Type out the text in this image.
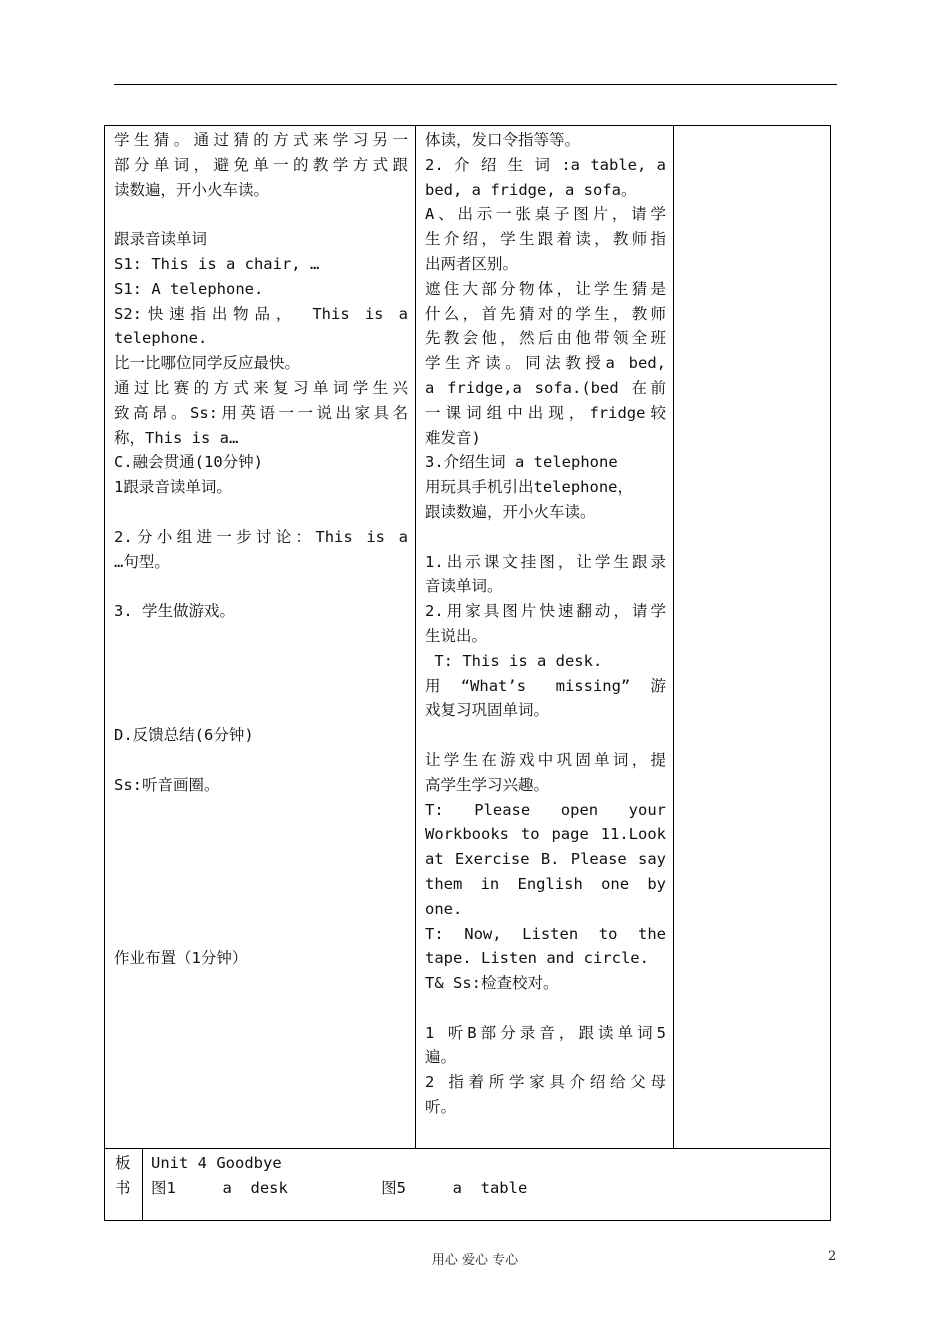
学生猜。通过猜的方式来学习另一
部分单词，避免单一的教学方式跟
读数遍，开小火车读。
跟录音读单词
S1: This is a chair, …
S1: A telephone.
S2:快速指出物品， This is a
telephone.
比一比哪位同学反应最快。
通过比赛的方式来复习单词学生兴
致高昂。Ss:用英语一一说出家具名
称，This is a…
C.融会贯通(10分钟)
1跟录音读单词。
2.分小组进一步讨论：This is a
…句型。
3. 学生做游戏。
D.反馈总结(6分钟)
Ss:听音画圈。
作业布置（1分钟）
体读，发口令指等等。
2. 介 绍 生 词 :a table, a
bed, a fridge, a sofa。
A、出示一张桌子图片，请学
生介绍，学生跟着读，教师指
出两者区别。
遮住大部分物体，让学生猜是
什么，首先猜对的学生，教师
先教会他，然后由他带领全班
学生齐读。同法教授a bed,
a fridge,a sofa.(bed 在前
一课词组中出现，fridge较
难发音)
3.介绍生词 a telephone
用玩具手机引出telephone，
跟读数遍，开小火车读。
1.出示课文挂图，让学生跟录
音读单词。
2.用家具图片快速翻动，请学
生说出。
T: This is a desk.
用“What’s missing”游
戏复习巩固单词。
让学生在游戏中巩固单词，提
高学生学习兴趣。
T: Please open your
Workbooks to page 11.Look
at Exercise B. Please say
them in English one by
one.
T: Now, Listen to the
tape. Listen and circle.
T& Ss:检查校对。
1 听B部分录音，跟读单词5
遍。
2 指着所学家具介绍给父母
听。
板
书
Unit 4 Goodbye
图1     a  desk          图5     a  table
用心 爱心 专心	2
